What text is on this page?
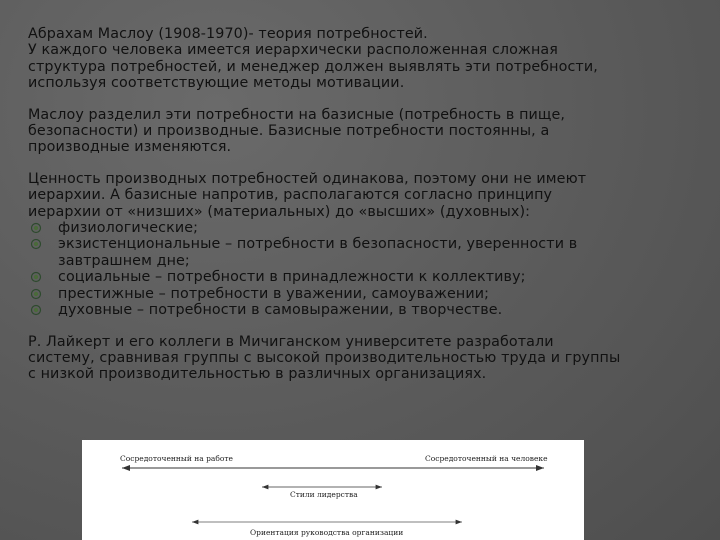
Абрахам Маслоу (1908-1970)- теория потребностей.
У каждого человека имеется иерархически расположенная сложная
структура потребностей, и менеджер должен выявлять эти потребности,
используя соответствующие методы мотивации.

Маслоу разделил эти потребности на базисные (потребность в пище,
безопасности) и производные. Базисные потребности постоянны, а
производные изменяются.

Ценность производных потребностей одинакова, поэтому они не имеют
иерархии. А базисные напротив, располагаются согласно принципу
иерархии от «низших» (материальных) до «высших» (духовных):
физиологические;
экзистенциональные – потребности в безопасности, уверенности в
завтрашнем дне;
социальные – потребности в принадлежности к коллективу;
престижные – потребности в уважении, самоуважении;
духовные – потребности в самовыражении, в творчестве.

Р. Лайкерт и его коллеги в Мичиганском университете разработали
систему, сравнивая группы с высокой производительностью труда и группы
с низкой производительностью в различных организациях.

Сосредоточенный на работе	Сосредоточенный на человеке
Стили лидерства
Ориентация руководства организации
